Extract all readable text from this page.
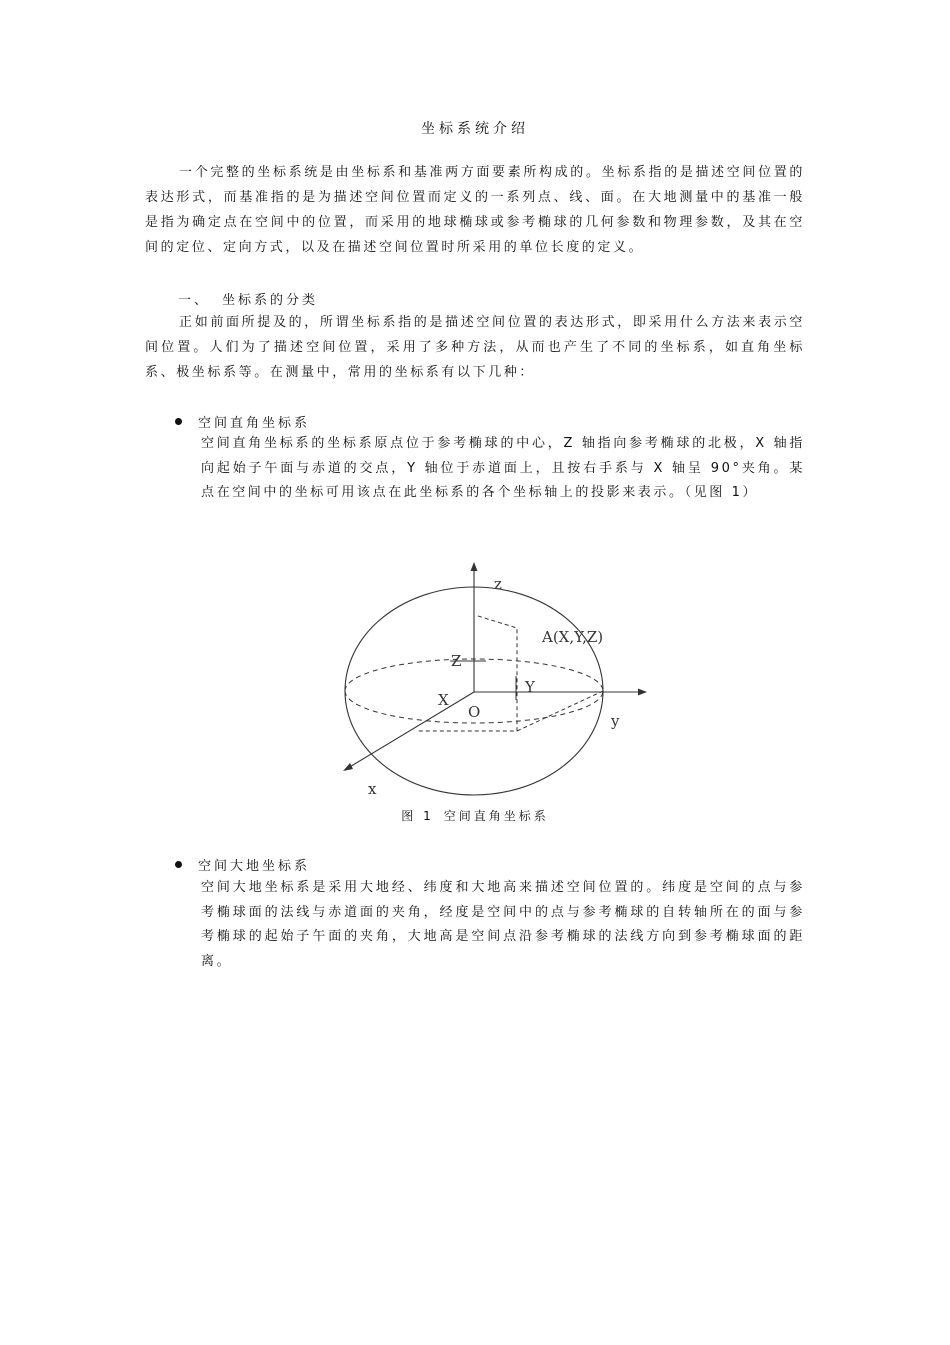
坐标系统介绍

一个完整的坐标系统是由坐标系和基准两方面要素所构成的。坐标系指的是描述空间位置的表达形式，而基准指的是为描述空间位置而定义的一系列点、线、面。在大地测量中的基准一般是指为确定点在空间中的位置，而采用的地球椭球或参考椭球的几何参数和物理参数，及其在空间的定位、定向方式，以及在描述空间位置时所采用的单位长度的定义。

一、 坐标系的分类

正如前面所提及的，所谓坐标系指的是描述空间位置的表达形式，即采用什么方法来表示空间位置。人们为了描述空间位置，采用了多种方法，从而也产生了不同的坐标系，如直角坐标系、极坐标系等。在测量中，常用的坐标系有以下几种：

空间直角坐标系

空间直角坐标系的坐标系原点位于参考椭球的中心，Z 轴指向参考椭球的北极，X 轴指向起始子午面与赤道的交点，Y 轴位于赤道面上，且按右手系与 X 轴呈 90°夹角。某点在空间中的坐标可用该点在此坐标系的各个坐标轴上的投影来表示。（见图 1）

z
A(X,Y,Z)
Z
Y
X
O	y
x
图 1 空间直角坐标系
空间大地坐标系

空间大地坐标系是采用大地经、纬度和大地高来描述空间位置的。纬度是空间的点与参考椭球面的法线与赤道面的夹角，经度是空间中的点与参考椭球的自转轴所在的面与参考椭球的起始子午面的夹角，大地高是空间点沿参考椭球的法线方向到参考椭球面的距离。
